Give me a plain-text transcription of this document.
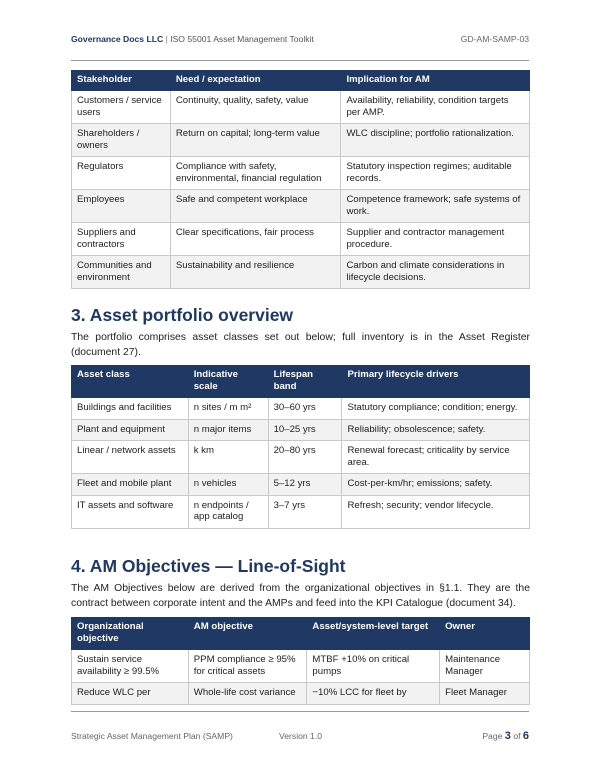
Governance Docs LLC | ISO 55001 Asset Management Toolkit	GD-AM-SAMP-03
Stakeholder	Need / expectation	Implication for AM
Customers / service users	Continuity, quality, safety, value	Availability, reliability, condition targets per AMP.
Shareholders / owners	Return on capital; long-term value	WLC discipline; portfolio rationalization.
Regulators	Compliance with safety, environmental, financial regulation	Statutory inspection regimes; auditable records.
Employees	Safe and competent workplace	Competence framework; safe systems of work.
Suppliers and contractors	Clear specifications, fair process	Supplier and contractor management procedure.
Communities and environment	Sustainability and resilience	Carbon and climate considerations in lifecycle decisions.
3. Asset portfolio overview

The portfolio comprises asset classes set out below; full inventory is in the Asset Register (document 27).

Asset class	Indicative scale	Lifespan band	Primary lifecycle drivers
Buildings and facilities	n sites / m m²	30–60 yrs	Statutory compliance; condition; energy.
Plant and equipment	n major items	10–25 yrs	Reliability; obsolescence; safety.
Linear / network assets	k km	20–80 yrs	Renewal forecast; criticality by service area.
Fleet and mobile plant	n vehicles	5–12 yrs	Cost-per-km/hr; emissions; safety.
IT assets and software	n endpoints / app catalog	3–7 yrs	Refresh; security; vendor lifecycle.
4. AM Objectives — Line-of-Sight

The AM Objectives below are derived from the organizational objectives in §1.1. They are the contract between corporate intent and the AMPs and feed into the KPI Catalogue (document 34).

Organizational objective	AM objective	Asset/system-level target	Owner
Sustain service availability ≥ 99.5%	PPM compliance ≥ 95% for critical assets	MTBF +10% on critical pumps	Maintenance Manager
Reduce WLC per	Whole-life cost variance	−10% LCC for fleet by	Fleet Manager
Strategic Asset Management Plan (SAMP)	Version 1.0	Page 3 of 6
